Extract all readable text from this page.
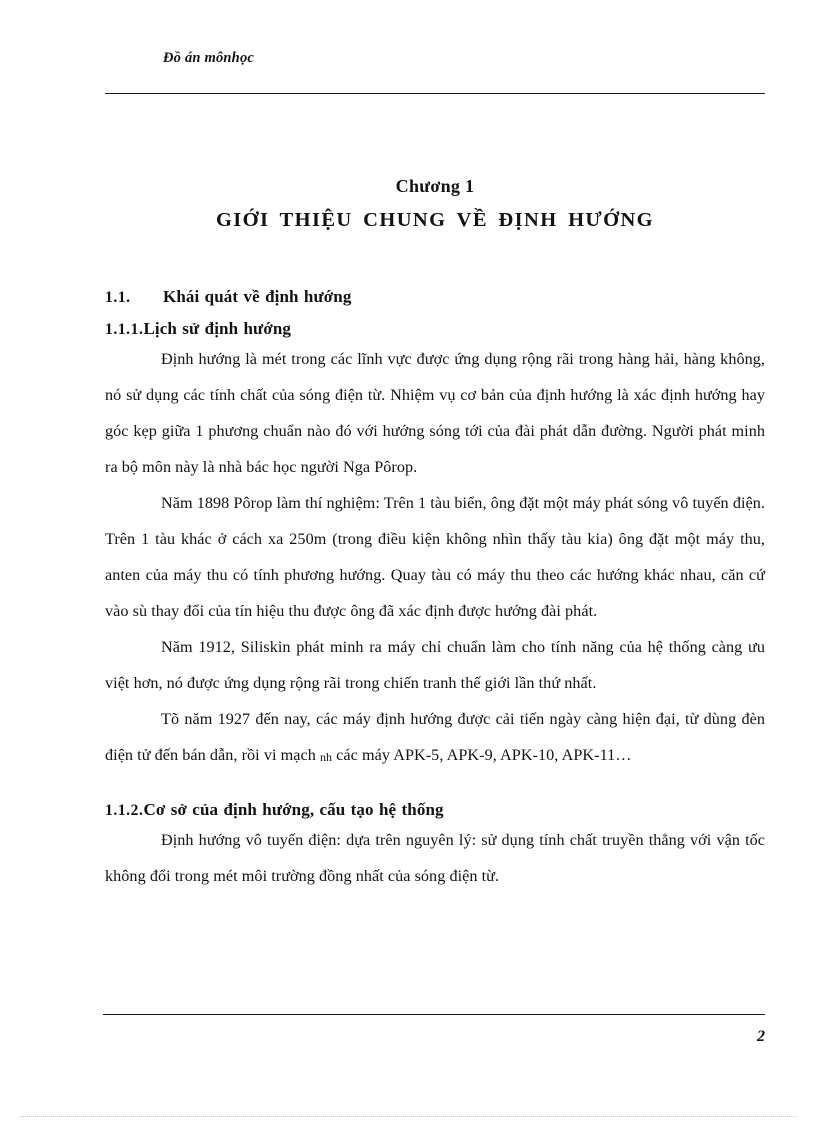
Đồ án mônhọc
Chương 1
GIỚI THIỆU CHUNG VỀ ĐỊNH HƯỚNG
1.1.	Khái quát về định hướng
1.1.1. Lịch sử định hướng

Định hướng là mét trong các lĩnh vực được ứng dụng rộng rãi trong hàng hải, hàng không, nó sử dụng các tính chất của sóng điện từ. Nhiệm vụ cơ bản của định hướng là xác định hướng hay góc kẹp giữa 1 phương chuẩn nào đó với hướng sóng tới của đài phát dẫn đường. Người phát minh ra bộ môn này là nhà bác học người Nga Pôrop.

Năm 1898 Pôrop làm thí nghiệm: Trên 1 tàu biển, ông đặt một máy phát sóng vô tuyến điện. Trên 1 tàu khác ở cách xa 250m (trong điều kiện không nhìn thấy tàu kia) ông đặt một máy thu, anten của máy thu có tính phương hướng. Quay tàu có máy thu theo các hướng khác nhau, căn cứ vào sù thay đổi của tín hiệu thu được ông đã xác định được hướng đài phát.

Năm 1912, Siliskin phát minh ra máy chỉ chuẩn làm cho tính năng của hệ thống càng ưu việt hơn, nó được ứng dụng rộng rãi trong chiến tranh thế giới lần thứ nhất.

Tõ năm 1927 đến nay, các máy định hướng được cải tiến ngày càng hiện đại, từ dùng đèn điện tử đến bán dẫn, rồi vi mạch nh các máy APK-5, APK-9, APK-10, APK-11…

1.1.2. Cơ sở của định hướng, cấu tạo hệ thống

Định hướng vô tuyến điện: dựa trên nguyên lý: sử dụng tính chất truyền thẳng với vận tốc không đổi trong mét môi trường đồng nhất của sóng điện từ.

2
